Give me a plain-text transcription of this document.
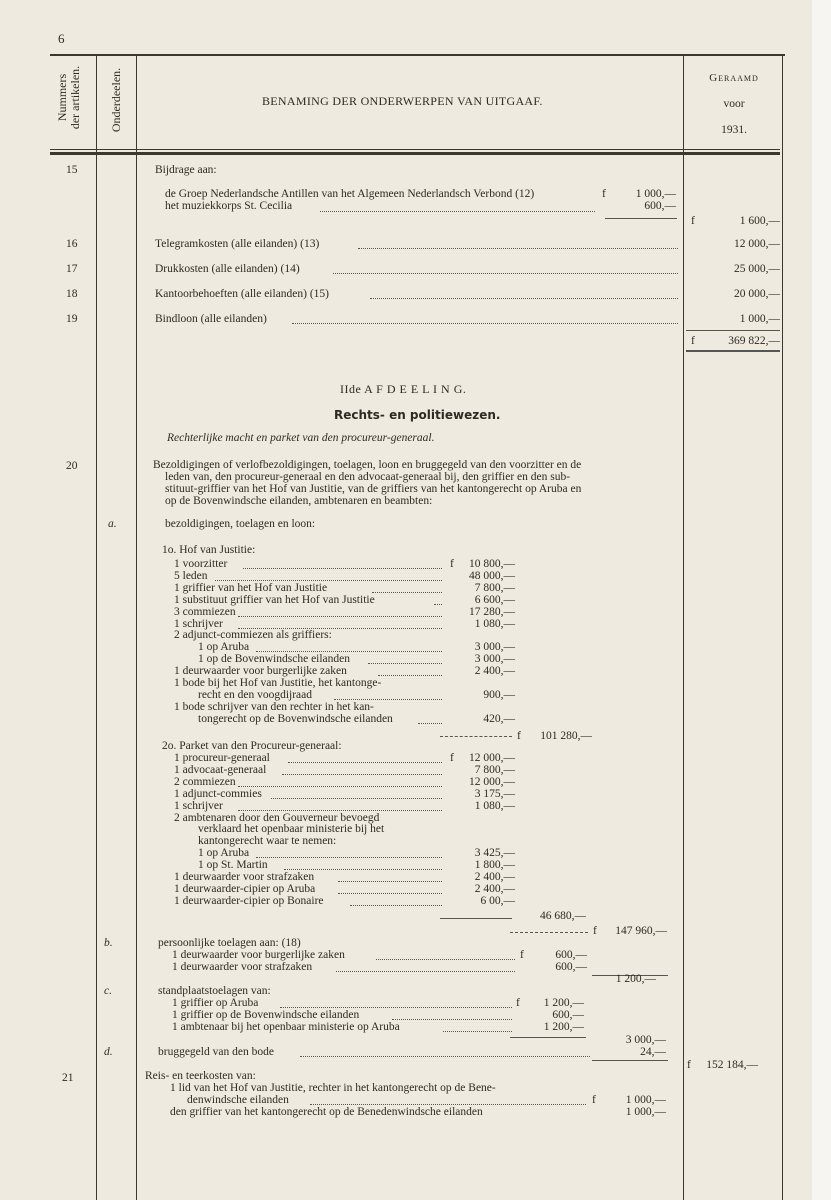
6
Nummers der artikelen. Onderdeelen.	BENAMING DER ONDERWERPEN VAN UITGAAF.
Geraamd
voor
1931.
15	Bijdrage aan:
de Groep Nederlandsche Antillen van het Algemeen Nederlandsch Verbond (12)	f	1 000,—
het muziekkorps St. Cecilia	600,—
f	1 600,—
16	Telegramkosten (alle eilanden) (13)	12 000,—
17	Drukkosten (alle eilanden) (14)	25 000,—
18	Kantoorbehoeften (alle eilanden) (15)	20 000,—
19	Bindloon (alle eilanden)	1 000,—
f	369 822,—
IIde A F D E E L I N G.
Rechts- en politiewezen.
Rechterlijke macht en parket van den procureur-generaal.
20	Bezoldigingen of verlofbezoldigingen, toelagen, loon en bruggegeld van den voorzitter en de
leden van, den procureur-generaal en den advocaat-generaal bij, den griffier en den sub-
stituut-griffier van het Hof van Justitie, van de griffiers van het kantongerecht op Aruba en
op de Bovenwindsche eilanden, ambtenaren en beambten:
a.	bezoldigingen, toelagen en loon:
1o. Hof van Justitie:
1 voorzitter	10 800,—
f
5 leden	48 000,—
1 griffier van het Hof van Justitie	7 800,—
1 substituut griffier van het Hof van Justitie	6 600,—
3 commiezen	17 280,—
1 schrijver	1 080,—
2 adjunct-commiezen als griffiers:
1 op Aruba	3 000,—
1 op de Bovenwindsche eilanden	3 000,—
1 deurwaarder voor burgerlijke zaken	2 400,—
1 bode bij het Hof van Justitie, het kantonge-
recht en den voogdijraad	900,—
1 bode schrijver van den rechter in het kan-
tongerecht op de Bovenwindsche eilanden	420,—
f	101 280,—
2o. Parket van den Procureur-generaal:
1 procureur-generaal	12 000,—
f
1 advocaat-generaal	7 800,—
2 commiezen	12 000,—
1 adjunct-commies	3 175,—
1 schrijver	1 080,—
2 ambtenaren door den Gouverneur bevoegd
verklaard het openbaar ministerie bij het
kantongerecht waar te nemen:
1 op Aruba	3 425,—
1 op St. Martin	1 800,—
1 deurwaarder voor strafzaken	2 400,—
1 deurwaarder-cipier op Aruba	2 400,—
1 deurwaarder-cipier op Bonaire	6 00,—
46 680,—
f	147 960,—
b.	persoonlijke toelagen aan: (18)
1 deurwaarder voor burgerlijke zaken	600,—
f
1 deurwaarder voor strafzaken	600,—
1 200,—
c.	standplaatstoelagen van:
1 griffier op Aruba	1 200,—
f
1 griffier op de Bovenwindsche eilanden	600,—
1 ambtenaar bij het openbaar ministerie op Aruba	1 200,—
3 000,—
d.	bruggegeld van den bode	24,—
f	152 184,—
21	Reis- en teerkosten van:
1 lid van het Hof van Justitie, rechter in het kantongerecht op de Bene-
denwindsche eilanden	f	1 000,—
den griffier van het kantongerecht op de Benedenwindsche eilanden	1 000,—
